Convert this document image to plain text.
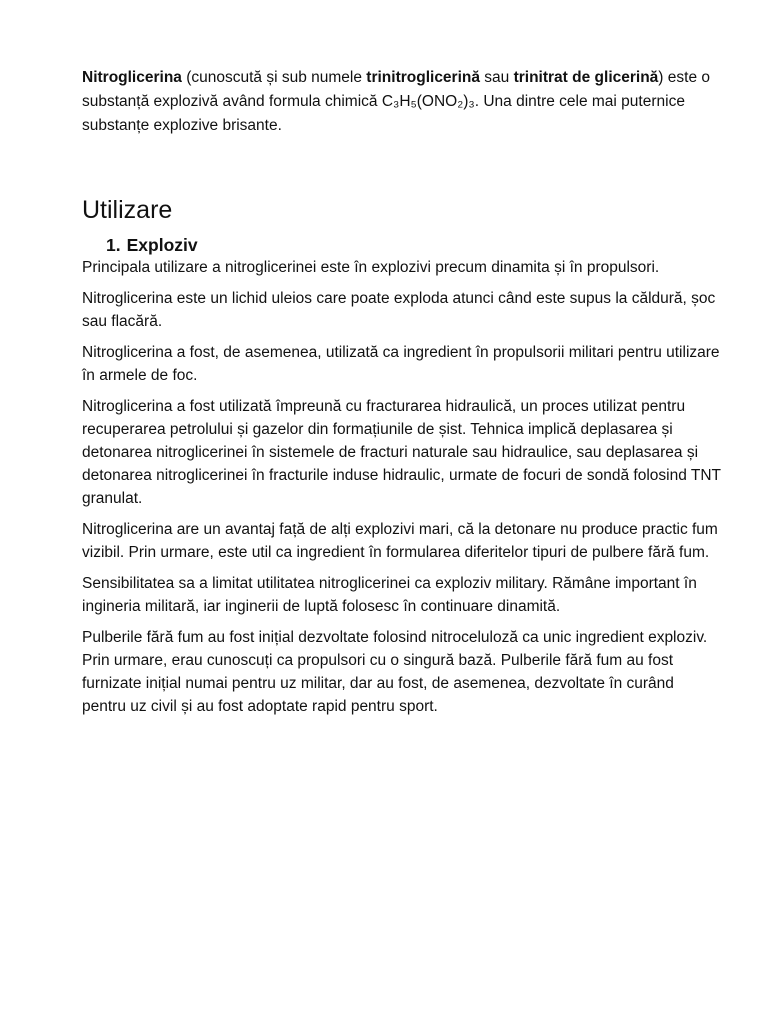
Nitroglicerina (cunoscută și sub numele trinitroglicerină sau trinitrat de glicerină) este o substanță explozivă având formula chimică C₃H₅(ONO₂)₃. Una dintre cele mai puternice substanțe explozive brisante.

Utilizare
1. Exploziv

Principala utilizare a nitroglicerinei este în explozivi precum dinamita și în propulsori.

Nitroglicerina este un lichid uleios care poate exploda atunci când este supus la căldură, șoc sau flacără.

Nitroglicerina a fost, de asemenea, utilizată ca ingredient în propulsorii militari pentru utilizare în armele de foc.

Nitroglicerina a fost utilizată împreună cu fracturarea hidraulică, un proces utilizat pentru recuperarea petrolului și gazelor din formațiunile de șist. Tehnica implică deplasarea și detonarea nitroglicerinei în sistemele de fracturi naturale sau hidraulice, sau deplasarea și detonarea nitroglicerinei în fracturile induse hidraulic, urmate de focuri de sondă folosind TNT granulat.

Nitroglicerina are un avantaj față de alți explozivi mari, că la detonare nu produce practic fum vizibil. Prin urmare, este util ca ingredient în formularea diferitelor tipuri de pulbere fără fum.

Sensibilitatea sa a limitat utilitatea nitroglicerinei ca exploziv military. Rămâne important în ingineria militară, iar inginerii de luptă folosesc în continuare dinamită.

Pulberile fără fum au fost inițial dezvoltate folosind nitroceluloză ca unic ingredient exploziv. Prin urmare, erau cunoscuți ca propulsori cu o singură bază. Pulberile fără fum au fost furnizate inițial numai pentru uz militar, dar au fost, de asemenea, dezvoltate în curând pentru uz civil și au fost adoptate rapid pentru sport.
